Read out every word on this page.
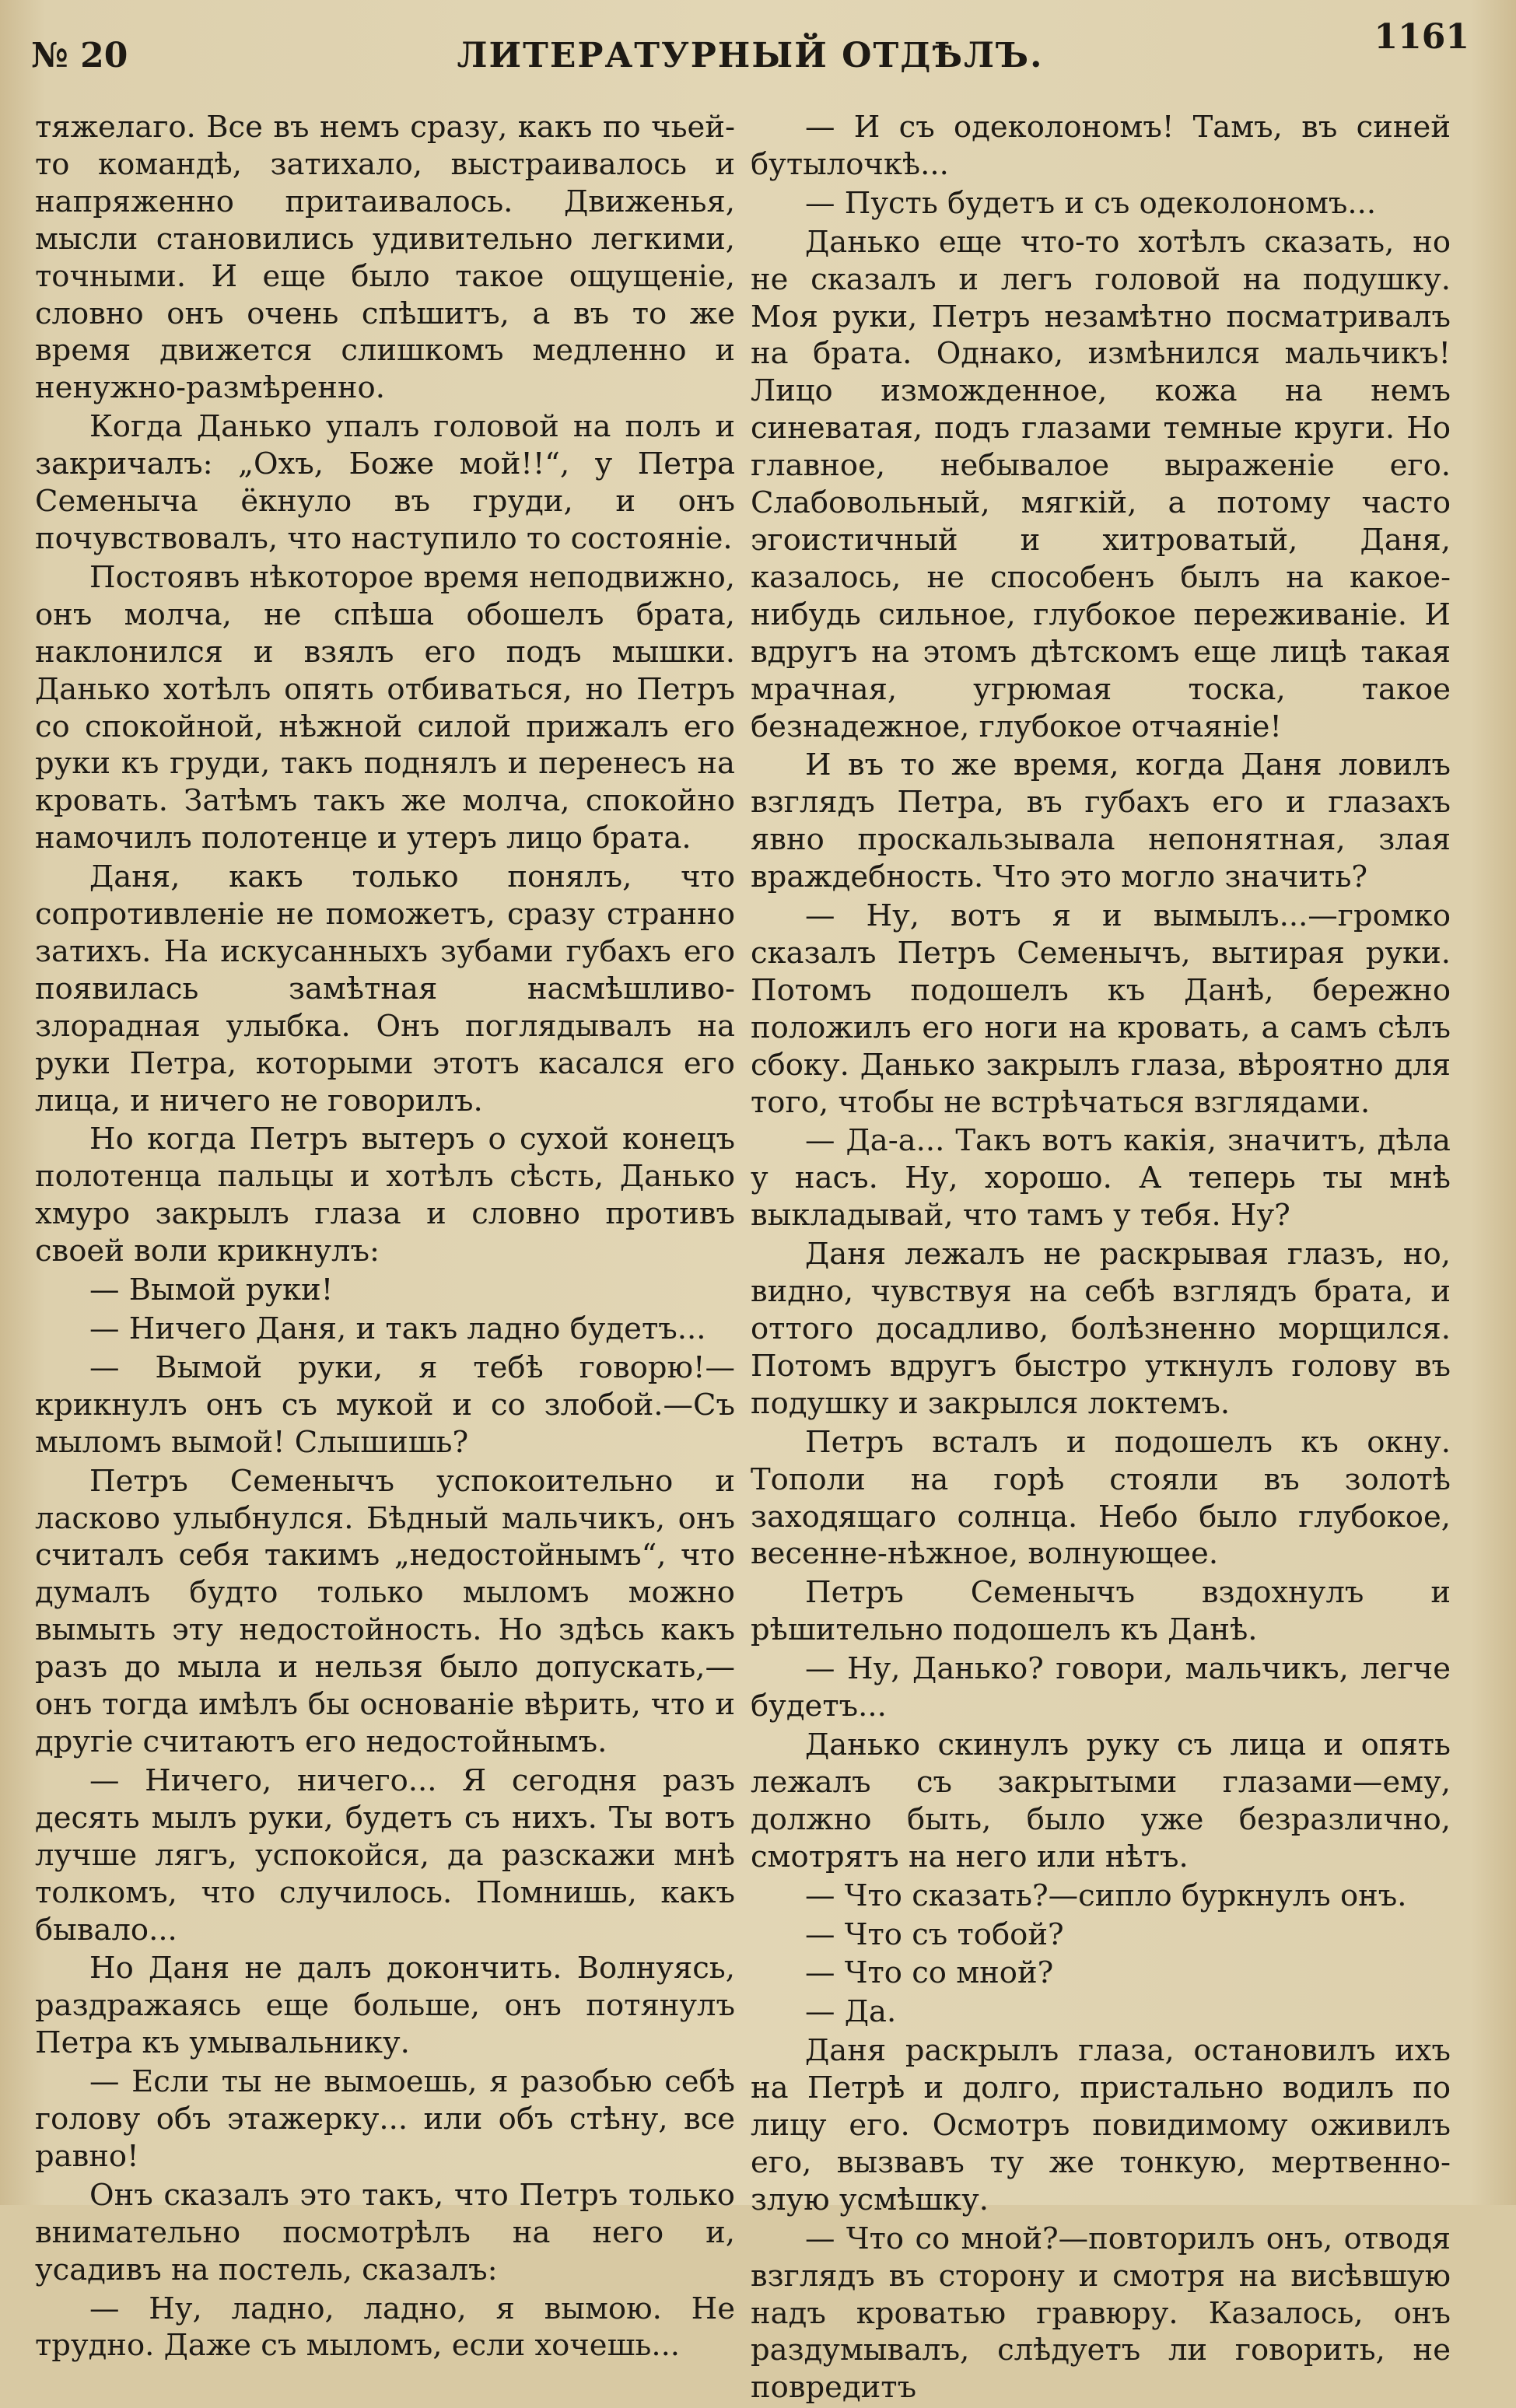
№ 20	ЛИТЕРАТУРНЫЙ ОТДѢЛЪ.	1161

тяжелаго. Все въ немъ сразу, какъ по чьей-то командѣ, затихало, выстраивалось и напряженно притаивалось. Движенья, мысли становились удивительно легкими, точными. И еще было такое ощущеніе, словно онъ очень спѣшитъ, а въ то же время движется слишкомъ медленно и ненужно-размѣренно.

Когда Данько упалъ головой на полъ и закричалъ: „Охъ, Боже мой!!“, у Петра Семеныча ёкнуло въ груди, и онъ почувствовалъ, что наступило то состояніе.

Постоявъ нѣкоторое время неподвижно, онъ молча, не спѣша обошелъ брата, наклонился и взялъ его подъ мышки. Данько хотѣлъ опять отбиваться, но Петръ со спокойной, нѣжной силой прижалъ его руки къ груди, такъ поднялъ и перенесъ на кровать. Затѣмъ такъ же молча, спокойно намочилъ полотенце и утеръ лицо брата.

Даня, какъ только понялъ, что сопротивленіе не поможетъ, сразу странно затихъ. На искусанныхъ зубами губахъ его появилась замѣтная насмѣшливо-злорадная улыбка. Онъ поглядывалъ на руки Петра, которыми этотъ касался его лица, и ничего не говорилъ.

Но когда Петръ вытеръ о сухой конецъ полотенца пальцы и хотѣлъ сѣсть, Данько хмуро закрылъ глаза и словно противъ своей воли крикнулъ:

— Вымой руки!

— Ничего Даня, и такъ ладно будетъ...

— Вымой руки, я тебѣ говорю!—крикнулъ онъ съ мукой и со злобой.—Съ мыломъ вымой! Слышишь?

Петръ Семенычъ успокоительно и ласково улыбнулся. Бѣдный мальчикъ, онъ считалъ себя такимъ „недостойнымъ“, что думалъ будто только мыломъ можно вымыть эту недостойность. Но здѣсь какъ разъ до мыла и нельзя было допускать,—онъ тогда имѣлъ бы основаніе вѣрить, что и другіе считаютъ его недостойнымъ.

— Ничего, ничего... Я сегодня разъ десять мылъ руки, будетъ съ нихъ. Ты вотъ лучше лягъ, успокойся, да разскажи мнѣ толкомъ, что случилось. Помнишь, какъ бывало...

Но Даня не далъ докончить. Волнуясь, раздражаясь еще больше, онъ потянулъ Петра къ умывальнику.

— Если ты не вымоешь, я разобью себѣ голову объ этажерку... или объ стѣну, все равно!

Онъ сказалъ это такъ, что Петръ только внимательно посмотрѣлъ на него и, усадивъ на постель, сказалъ:

— Ну, ладно, ладно, я вымою. Не трудно. Даже съ мыломъ, если хочешь...

— И съ одеколономъ! Тамъ, въ синей бутылочкѣ...

— Пусть будетъ и съ одеколономъ...

Данько еще что-то хотѣлъ сказать, но не сказалъ и легъ головой на подушку. Моя руки, Петръ незамѣтно посматривалъ на брата. Однако, измѣнился мальчикъ! Лицо изможденное, кожа на немъ синеватая, подъ глазами темные круги. Но главное, небывалое выраженіе его. Слабовольный, мягкій, а потому часто эгоистичный и хитроватый, Даня, казалось, не способенъ былъ на какое-нибудь сильное, глубокое переживаніе. И вдругъ на этомъ дѣтскомъ еще лицѣ такая мрачная, угрюмая тоска, такое безнадежное, глубокое отчаяніе!

И въ то же время, когда Даня ловилъ взглядъ Петра, въ губахъ его и глазахъ явно проскальзывала непонятная, злая враждебность. Что это могло значить?

— Ну, вотъ я и вымылъ...—громко сказалъ Петръ Семенычъ, вытирая руки. Потомъ подошелъ къ Данѣ, бережно положилъ его ноги на кровать, а самъ сѣлъ сбоку. Данько закрылъ глаза, вѣроятно для того, чтобы не встрѣчаться взглядами.

— Да-а... Такъ вотъ какія, значитъ, дѣла у насъ. Ну, хорошо. А теперь ты мнѣ выкладывай, что тамъ у тебя. Ну?

Даня лежалъ не раскрывая глазъ, но, видно, чувствуя на себѣ взглядъ брата, и оттого досадливо, болѣзненно морщился. Потомъ вдругъ быстро уткнулъ голову въ подушку и закрылся локтемъ.

Петръ всталъ и подошелъ къ окну. Тополи на горѣ стояли въ золотѣ заходящаго солнца. Небо было глубокое, весенне-нѣжное, волнующее.

Петръ Семенычъ вздохнулъ и рѣшительно подошелъ къ Данѣ.

— Ну, Данько? говори, мальчикъ, легче будетъ...

Данько скинулъ руку съ лица и опять лежалъ съ закрытыми глазами—ему, должно быть, было уже безразлично, смотрятъ на него или нѣтъ.

— Что сказать?—сипло буркнулъ онъ.

— Что съ тобой?

— Что со мной?

— Да.

Даня раскрылъ глаза, остановилъ ихъ на Петрѣ и долго, пристально водилъ по лицу его. Осмотръ повидимому оживилъ его, вызвавъ ту же тонкую, мертвенно-злую усмѣшку.

— Что со мной?—повторилъ онъ, отводя взглядъ въ сторону и смотря на висѣвшую надъ кроватью гравюру. Казалось, онъ раздумывалъ, слѣдуетъ ли говорить, не повредитъ
